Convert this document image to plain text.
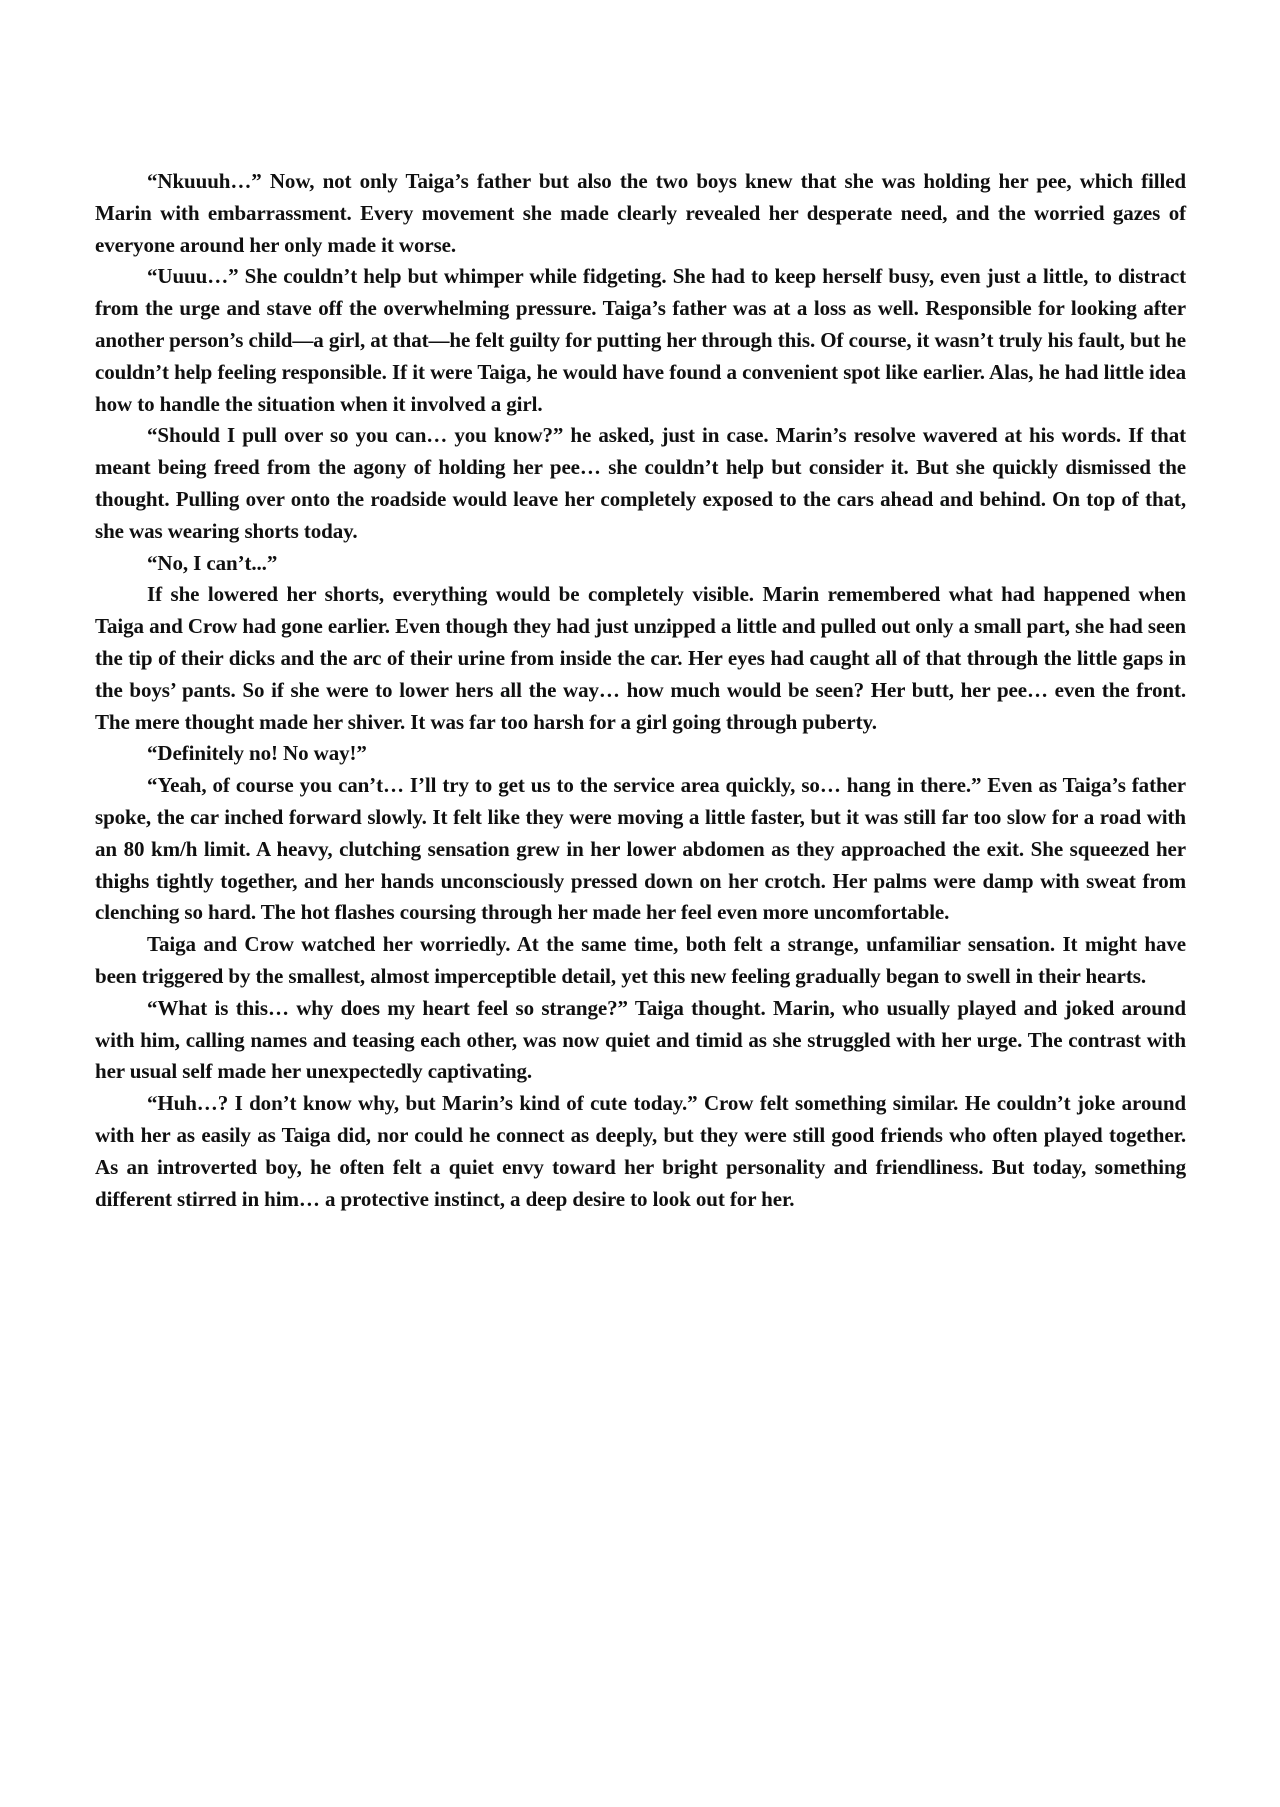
“Nkuuuh…” Now, not only Taiga’s father but also the two boys knew that she was holding her pee, which filled Marin with embarrassment. Every movement she made clearly revealed her desperate need, and the worried gazes of everyone around her only made it worse.

“Uuuu…” She couldn’t help but whimper while fidgeting. She had to keep herself busy, even just a little, to distract from the urge and stave off the overwhelming pressure. Taiga’s father was at a loss as well. Responsible for looking after another person’s child—a girl, at that—he felt guilty for putting her through this. Of course, it wasn’t truly his fault, but he couldn’t help feeling responsible. If it were Taiga, he would have found a convenient spot like earlier. Alas, he had little idea how to handle the situation when it involved a girl.

“Should I pull over so you can… you know?” he asked, just in case. Marin’s resolve wavered at his words. If that meant being freed from the agony of holding her pee… she couldn’t help but consider it. But she quickly dismissed the thought. Pulling over onto the roadside would leave her completely exposed to the cars ahead and behind. On top of that, she was wearing shorts today.

“No, I can’t...”

If she lowered her shorts, everything would be completely visible. Marin remembered what had happened when Taiga and Crow had gone earlier. Even though they had just unzipped a little and pulled out only a small part, she had seen the tip of their dicks and the arc of their urine from inside the car. Her eyes had caught all of that through the little gaps in the boys’ pants. So if she were to lower hers all the way… how much would be seen? Her butt, her pee… even the front. The mere thought made her shiver. It was far too harsh for a girl going through puberty.

“Definitely no! No way!”

“Yeah, of course you can’t… I’ll try to get us to the service area quickly, so… hang in there.” Even as Taiga’s father spoke, the car inched forward slowly. It felt like they were moving a little faster, but it was still far too slow for a road with an 80 km/h limit. A heavy, clutching sensation grew in her lower abdomen as they approached the exit. She squeezed her thighs tightly together, and her hands unconsciously pressed down on her crotch. Her palms were damp with sweat from clenching so hard. The hot flashes coursing through her made her feel even more uncomfortable.

Taiga and Crow watched her worriedly. At the same time, both felt a strange, unfamiliar sensation. It might have been triggered by the smallest, almost imperceptible detail, yet this new feeling gradually began to swell in their hearts.

“What is this… why does my heart feel so strange?” Taiga thought. Marin, who usually played and joked around with him, calling names and teasing each other, was now quiet and timid as she struggled with her urge. The contrast with her usual self made her unexpectedly captivating.

“Huh…? I don’t know why, but Marin’s kind of cute today.” Crow felt something similar. He couldn’t joke around with her as easily as Taiga did, nor could he connect as deeply, but they were still good friends who often played together. As an introverted boy, he often felt a quiet envy toward her bright personality and friendliness. But today, something different stirred in him… a protective instinct, a deep desire to look out for her.
